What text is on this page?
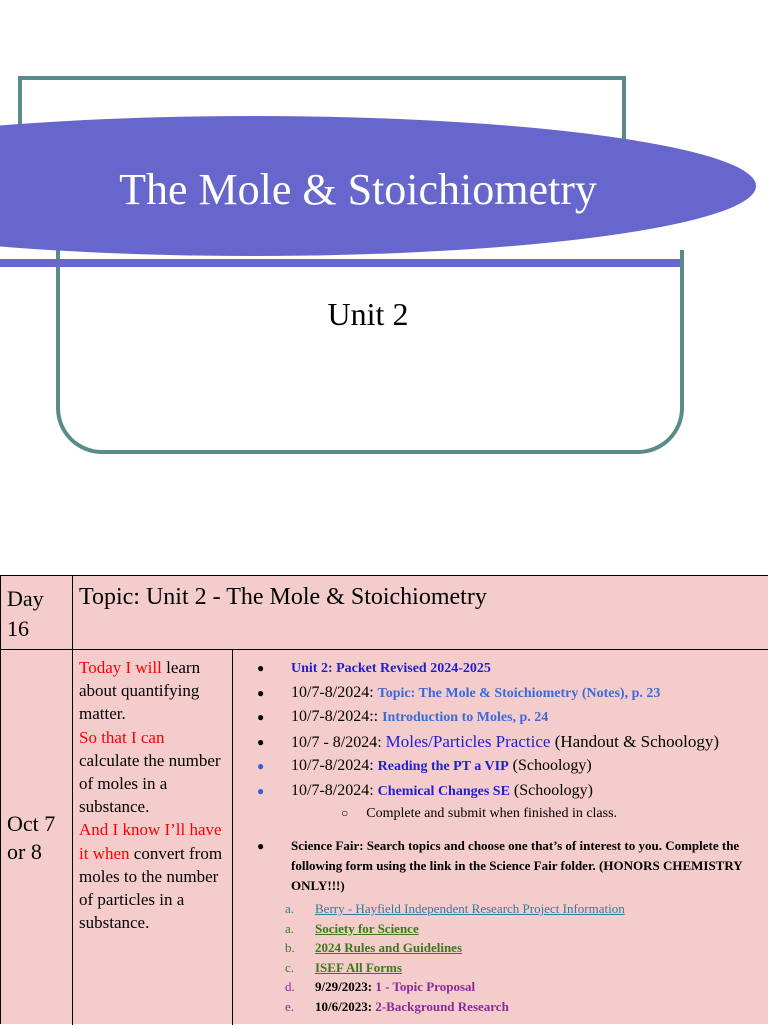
The Mole & Stoichiometry
Unit 2
Day 16
Topic: Unit 2 - The Mole & Stoichiometry
Oct 7 or 8
Today I will learn about quantifying matter.
So that I can calculate the number of moles in a substance.
And I know I’ll have it when convert from moles to the number of particles in a substance.
● Unit 2: Packet Revised 2024-2025
● 10/7-8/2024: Topic: The Mole & Stoichiometry (Notes), p. 23
● 10/7-8/2024:: Introduction to Moles, p. 24
● 10/7 - 8/2024: Moles/Particles Practice (Handout & Schoology)
● 10/7-8/2024: Reading the PT a VIP (Schoology)
● 10/7-8/2024: Chemical Changes SE (Schoology)
○ Complete and submit when finished in class.
● Science Fair: Search topics and choose one that’s of interest to you. Complete the following form using the link in the Science Fair folder. (HONORS CHEMISTRY ONLY!!!)
a. Berry - Hayfield Independent Research Project Information
a. Society for Science
b. 2024 Rules and Guidelines
c. ISEF All Forms
d. 9/29/2023: 1 - Topic Proposal
e. 10/6/2023: 2-Background Research
